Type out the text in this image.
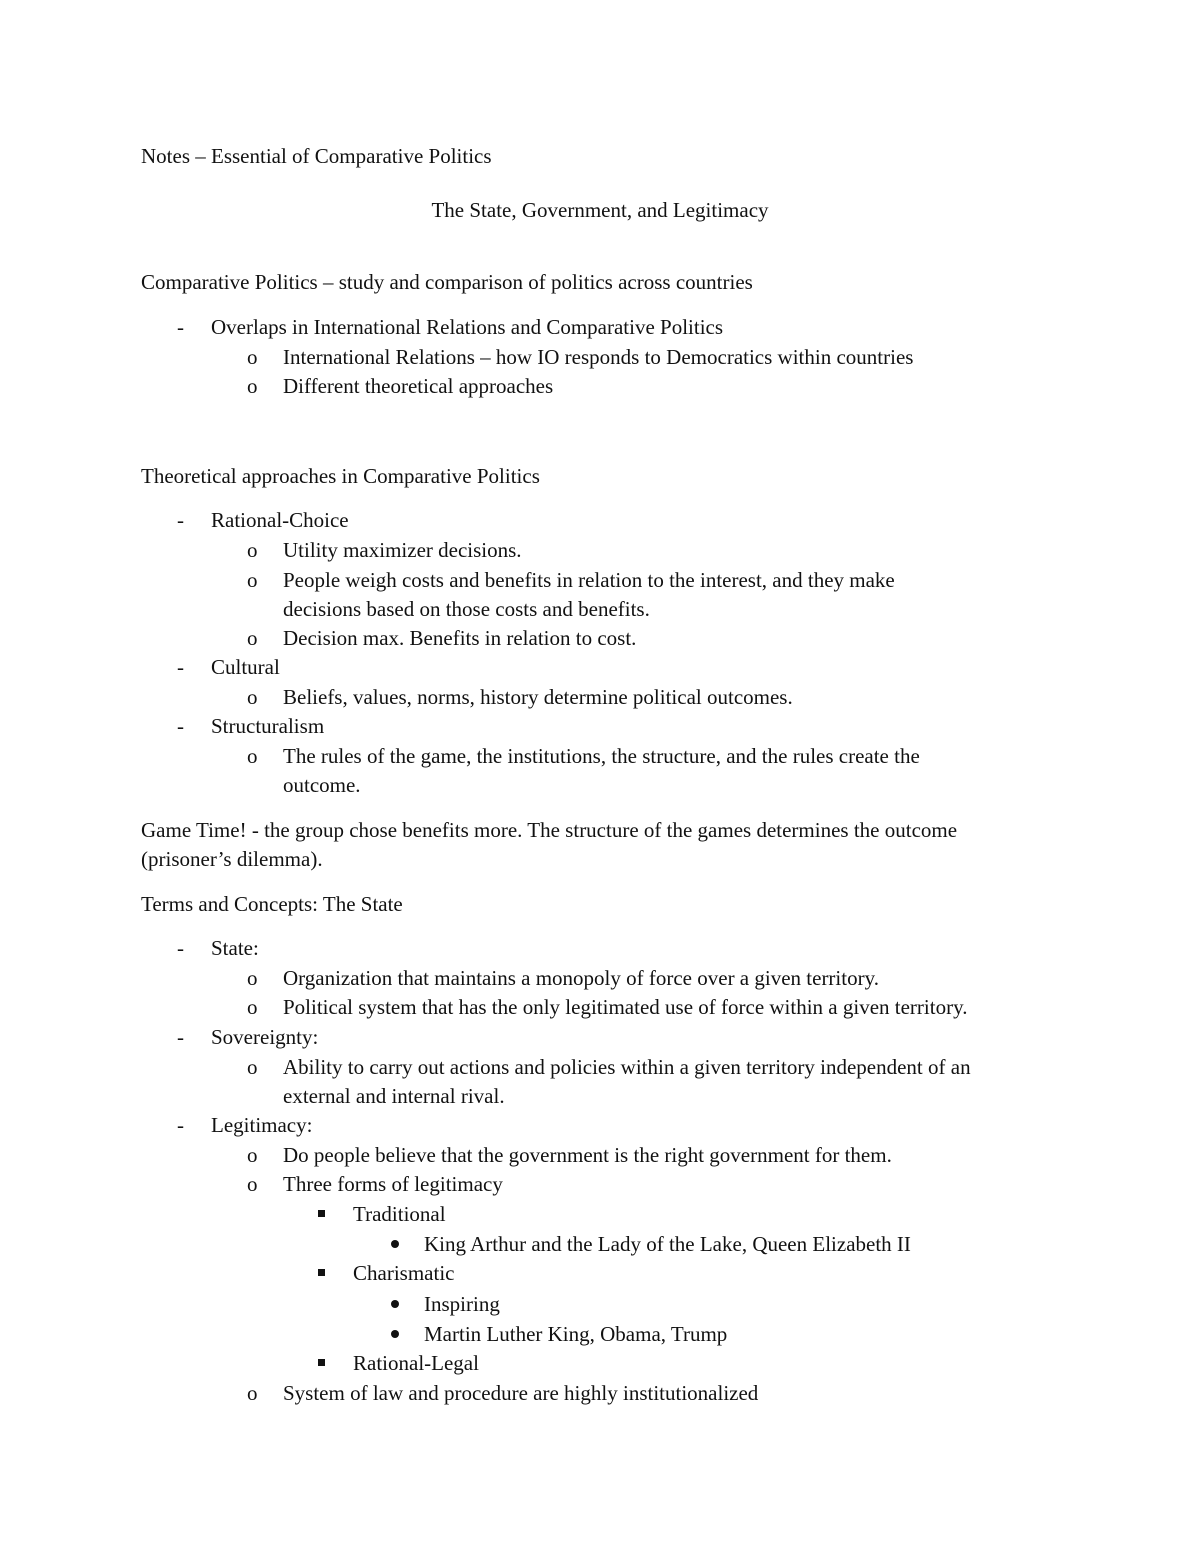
Notes – Essential of Comparative Politics
The State, Government, and Legitimacy
Comparative Politics – study and comparison of politics across countries
- Overlaps in International Relations and Comparative Politics
o International Relations – how IO responds to Democratics within countries
o Different theoretical approaches
Theoretical approaches in Comparative Politics
- Rational-Choice
o Utility maximizer decisions.
o People weigh costs and benefits in relation to the interest, and they make
decisions based on those costs and benefits.
o Decision max. Benefits in relation to cost.
- Cultural
o Beliefs, values, norms, history determine political outcomes.
- Structuralism
o The rules of the game, the institutions, the structure, and the rules create the
outcome.
Game Time! - the group chose benefits more. The structure of the games determines the outcome
(prisoner’s dilemma).
Terms and Concepts: The State
- State:
o Organization that maintains a monopoly of force over a given territory.
o Political system that has the only legitimated use of force within a given territory.
- Sovereignty:
o Ability to carry out actions and policies within a given territory independent of an
external and internal rival.
- Legitimacy:
o Do people believe that the government is the right government for them.
o Three forms of legitimacy
Traditional
King Arthur and the Lady of the Lake, Queen Elizabeth II
Charismatic
Inspiring
Martin Luther King, Obama, Trump
Rational-Legal
o System of law and procedure are highly institutionalized
